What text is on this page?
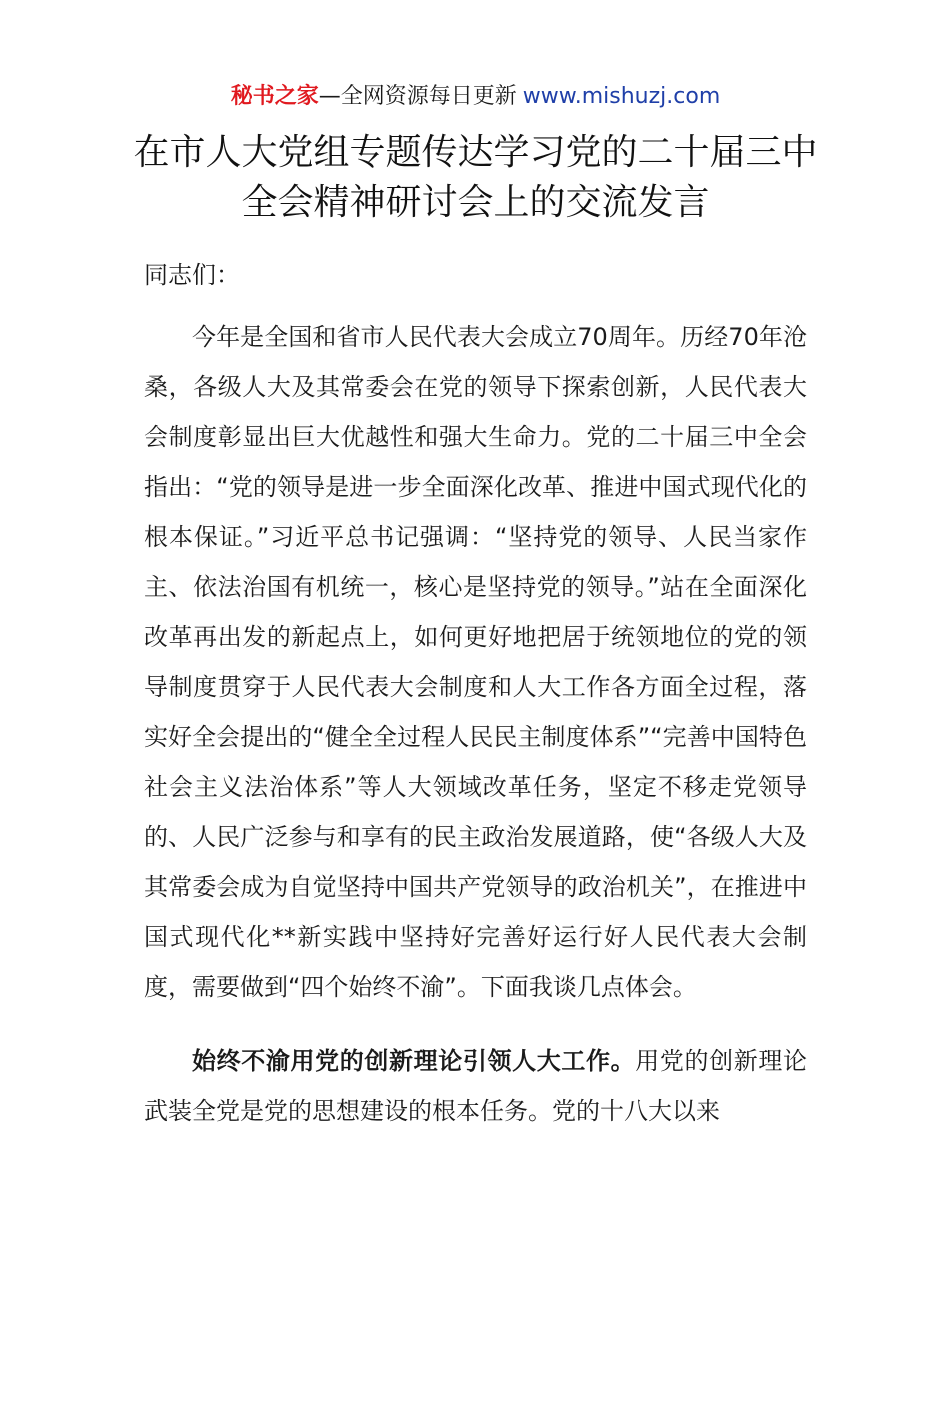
秘书之家—全网资源每日更新 www.mishuzj.com
在市人大党组专题传达学习党的二十届三中全会精神研讨会上的交流发言
同志们：

今年是全国和省市人民代表大会成立70周年。历经70年沧桑，各级人大及其常委会在党的领导下探索创新，人民代表大会制度彰显出巨大优越性和强大生命力。党的二十届三中全会指出：“党的领导是进一步全面深化改革、推进中国式现代化的根本保证。”习近平总书记强调：“坚持党的领导、人民当家作主、依法治国有机统一，核心是坚持党的领导。”站在全面深化改革再出发的新起点上，如何更好地把居于统领地位的党的领导制度贯穿于人民代表大会制度和人大工作各方面全过程，落实好全会提出的“健全全过程人民民主制度体系”“完善中国特色社会主义法治体系”等人大领域改革任务，坚定不移走党领导的、人民广泛参与和享有的民主政治发展道路，使“各级人大及其常委会成为自觉坚持中国共产党领导的政治机关”，在推进中国式现代化**新实践中坚持好完善好运行好人民代表大会制度，需要做到“四个始终不渝”。下面我谈几点体会。

始终不渝用党的创新理论引领人大工作。用党的创新理论武装全党是党的思想建设的根本任务。党的十八大以来
